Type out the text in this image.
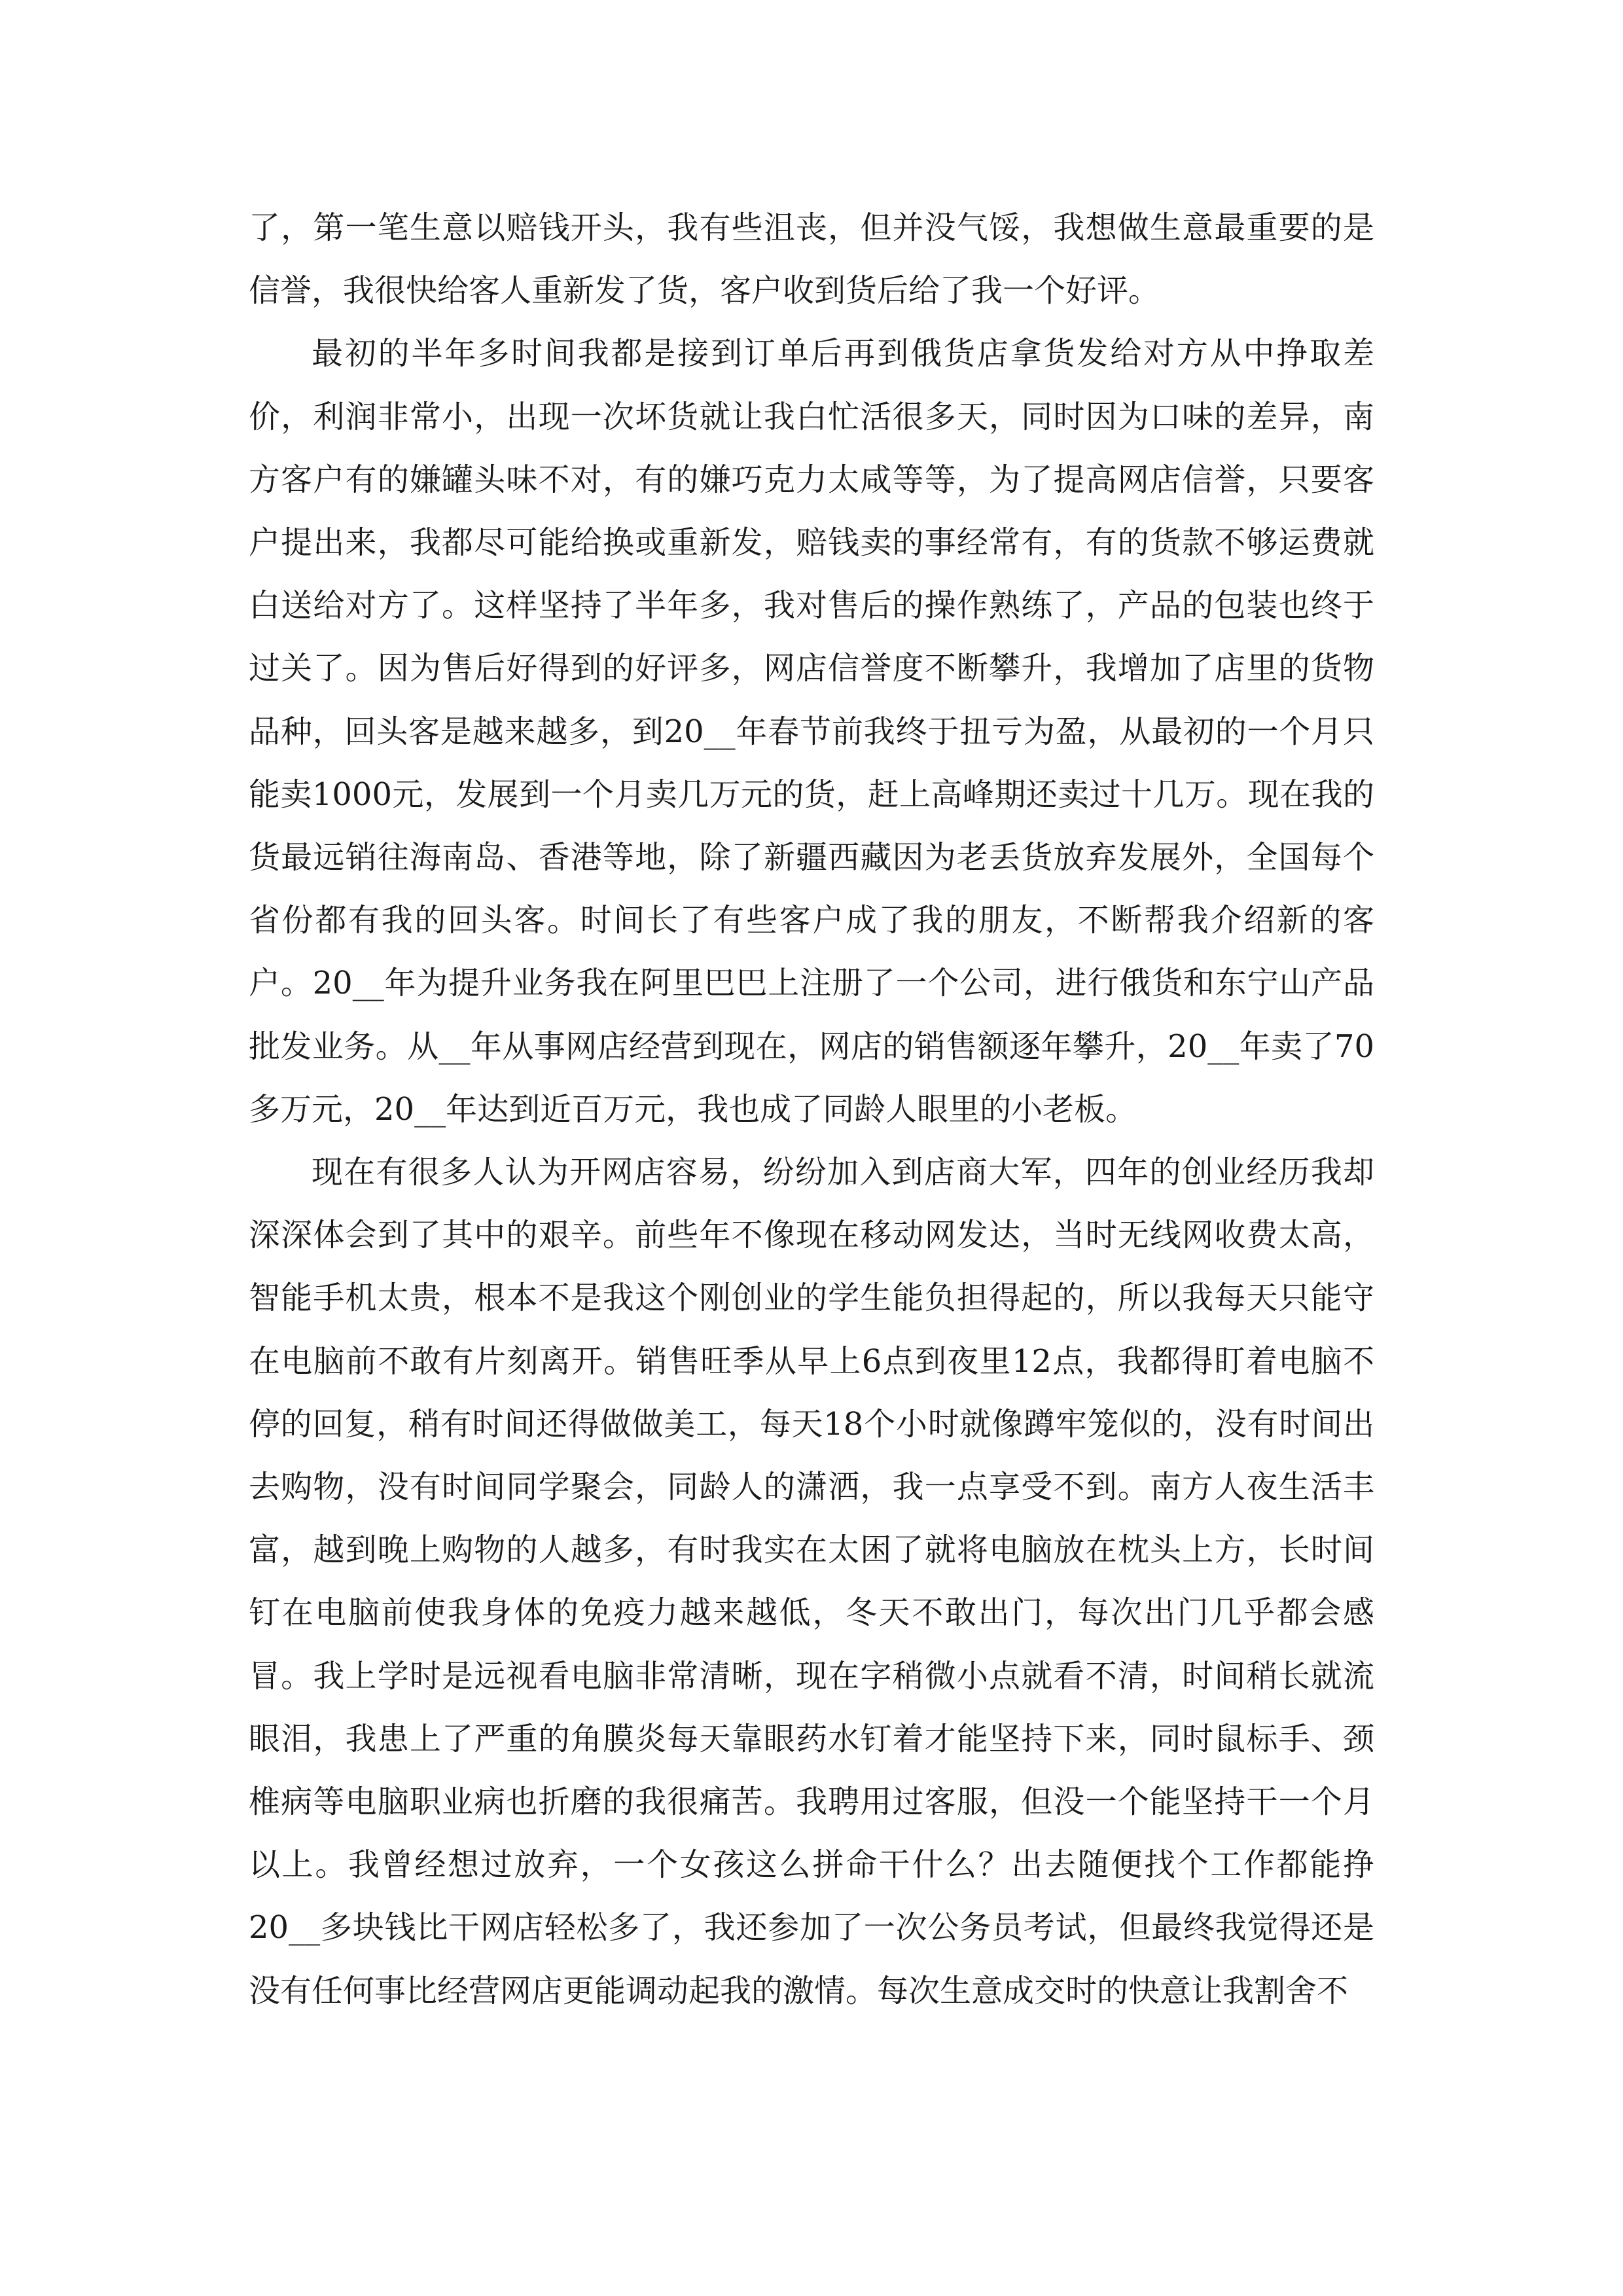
了，第一笔生意以赔钱开头，我有些沮丧，但并没气馁，我想做生意最重要的是信誉，我很快给客人重新发了货，客户收到货后给了我一个好评。

最初的半年多时间我都是接到订单后再到俄货店拿货发给对方从中挣取差价，利润非常小，出现一次坏货就让我白忙活很多天，同时因为口味的差异，南方客户有的嫌罐头味不对，有的嫌巧克力太咸等等，为了提高网店信誉，只要客户提出来，我都尽可能给换或重新发，赔钱卖的事经常有，有的货款不够运费就白送给对方了。这样坚持了半年多，我对售后的操作熟练了，产品的包装也终于过关了。因为售后好得到的好评多，网店信誉度不断攀升，我增加了店里的货物品种，回头客是越来越多，到20__年春节前我终于扭亏为盈，从最初的一个月只能卖1000元，发展到一个月卖几万元的货，赶上高峰期还卖过十几万。现在我的货最远销往海南岛、香港等地，除了新疆西藏因为老丢货放弃发展外，全国每个省份都有我的回头客。时间长了有些客户成了我的朋友，不断帮我介绍新的客户。20__年为提升业务我在阿里巴巴上注册了一个公司，进行俄货和东宁山产品批发业务。从__年从事网店经营到现在，网店的销售额逐年攀升，20__年卖了70多万元，20__年达到近百万元，我也成了同龄人眼里的小老板。

现在有很多人认为开网店容易，纷纷加入到店商大军，四年的创业经历我却深深体会到了其中的艰辛。前些年不像现在移动网发达，当时无线网收费太高，智能手机太贵，根本不是我这个刚创业的学生能负担得起的，所以我每天只能守在电脑前不敢有片刻离开。销售旺季从早上6点到夜里12点，我都得盯着电脑不停的回复，稍有时间还得做做美工，每天18个小时就像蹲牢笼似的，没有时间出去购物，没有时间同学聚会，同龄人的潇洒，我一点享受不到。南方人夜生活丰富，越到晚上购物的人越多，有时我实在太困了就将电脑放在枕头上方，长时间钉在电脑前使我身体的免疫力越来越低，冬天不敢出门，每次出门几乎都会感冒。我上学时是远视看电脑非常清晰，现在字稍微小点就看不清，时间稍长就流眼泪，我患上了严重的角膜炎每天靠眼药水钉着才能坚持下来，同时鼠标手、颈椎病等电脑职业病也折磨的我很痛苦。我聘用过客服，但没一个能坚持干一个月以上。我曾经想过放弃，一个女孩这么拼命干什么？出去随便找个工作都能挣20__多块钱比干网店轻松多了，我还参加了一次公务员考试，但最终我觉得还是没有任何事比经营网店更能调动起我的激情。每次生意成交时的快意让我割舍不
